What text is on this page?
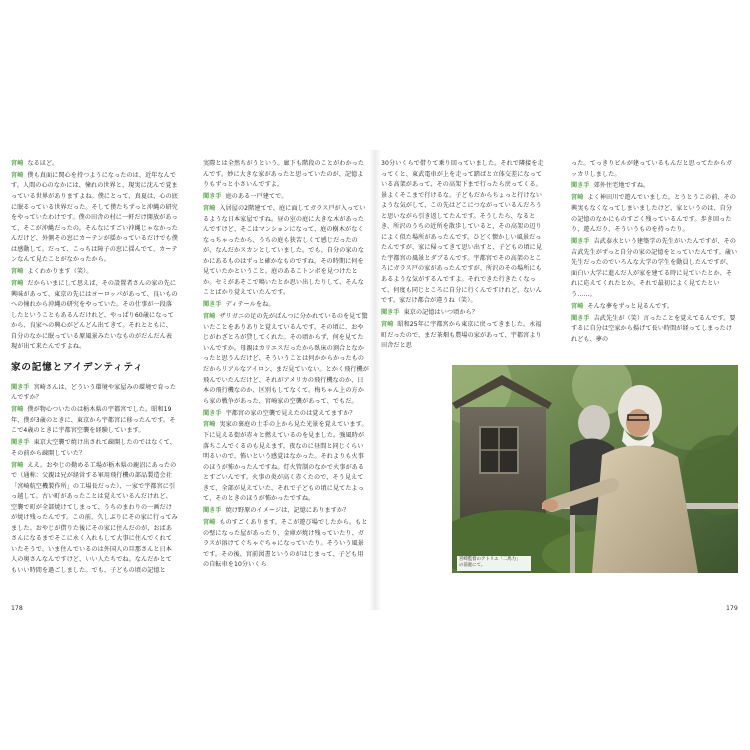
宮崎 なるほど。

宮崎 僕も真面に関心を持つようになったのは、近年なんです。人間の心のなかには、憧れの世界と、現実に沈んで覚まっている世界がありますよね。僕にとって、真夏は、心の底に眠るっている世界だった。そして僕たちずっと沖縄の研究をやっていたわけです。僕の田舎の村に一軒だけ開放があって、そこが沖縄だったの。そんなにすごい沖縄じゃなかったんだけど、外側その窓にカーテンが揺かっているだけでも僕は感動して。だって、こっちは障子の窓に揺んでて、カーテンなんて見たことがなかったから。

宮崎 よくわかります（笑）。

宮崎 だからいまにして思えば、その設置者さんの家の先に興味があって、東京の先にはヨーロッパがあって、良いものへの憧れから沖縄の研究をやっていた。その仕事が一段落したということもあるんだけれど、やっぱり60歳になってから、良家への興心がどんどん出てきて。それとともに、自分のなかに眠っている原風景みたいなものがだんだん表現が出て来たんですよね。

家の記憶とアイデンティティ

聞き手 宮崎さんは、どういう環境や家屋みの環境で育ったんですか？

宮崎 僕が物心ついたのは栃木県の宇都宮でした。昭和19年、僕が3歳のときに、東京から宇都宮に移ったんです。そこで4歳のときに宇都宮空襲を経験しています。

聞き手 東京大空襲で焼け出されて疎開したのではなくて、その前から疎開していた？

宮崎 ええ。おやじの勤める工場が栃木県の鹿沼にあったので（通称：父親は兄が経営する軍用飛行機の部品製造会社「宮崎航空機製作所」の工場長だった）、一家で宇都宮に引っ越して。古い町があったことは覚えているんだけれど、空襲で町が全部焼けてしまって、うちのまわりの一画だけが焼け残ったんです。この前、久しぶりにその家に行ってみました。おやじが借りた後にその家に住んだのが、おばあさんになるまでそこに永く入れもして大事に住んでくれていたそうで、いま住んでいるのは外国人の旦那さんと日本人の奥さんなんですけど、いい人たちでね。なんだかとてもいい時間を過ごしました。でも、子どもの頃の記憶と

実際とは全然ちがうという。廊下も階段のことがわかったんです。妙に大きな家があったと思っていたのが、記憶よりもずっと小さいんですよ。

聞き手 庭のある一戸建てで。

宮崎 入居屋の2階建てで、庭に面してガラス戸が入っているような日本家屋ですね。昼の室の庭に大きな木があったんですけど、そこはマンションになって、庭の樹木がなくなっちゃったから、うちの庭も狭苦しくて感じだったのが、なんだかスカンとしていました。でも、自分の家のなかにあるものはずっと確かなものですね。その時期に何を見ていたかということ。庭のあるこトンボを見つけたとか。セミがあそこで鳴いたとか思い出したりして、そんなことばかり覚えていたんです。

聞き手 ディテールをね。

宮崎 ザリガニの足の先がぱんつに分かれているのを見て驚いたことをありありと覚えているんです。その頃に、おやじがわざとろが貸してくれた。その頃からず、何を見てたいんですか。母親はカリエスだったから臥床の割合となかったと思うんだけど、そういうことは何かからかったものだからリアルなアイロン、まだ見ていない。とかく飛行機が飛んでいたんだけど、それがアメリカの飛行機なのか、日本の飛行機なのか、区別もしてなくて。梅ちゃん上の方から家の戦争があった、宮崎家の空襲があって、でもだ。

聞き手 宇都宮の家の空襲で見えたのは覚えてますか？

宮崎 実家の裏庭の土手の上から見た光景を覚えています。下に見える街が赤々と燃えているのを見ました。強風時が落ちこんでくるのも見えます。夜なのに昼間と同じくらい明るいので、怖いという感覚はなかった。それよりも火事のほうが怖かったんですね。灯火管制のなかで火事があるとすごいんです。火事の炎が高く赤くたので、そう見えてきて、全部が見えていた、それで子どもの頃に見てたよって、そのときのほうが怖かったですね。

聞き手 焼け野原のイメージは、記憶にありますか？

宮崎 ものすごくあります。そこが遊び場でしたから。もとの壁になった屋があったり、金庫が焼け残っていたり、ガラスが溶けてぐちゃぐちゃになっていたり。そういう風景です。その後、宮前図書というのがはじまって、子ども用の自転車を10分いくら

30分いくらで借りて乗り回っていました。それで隣接を走ってくと、東武電車が上を走って踏ばと立体交差になっている高架があって、その高架下まで行ったら戻ってくる。景よくそこまで行けるな。子どもだからちょっと行けないような気がして、この先はどこにつながっているんだろうと思いながら引き返してたんです。そうしたら、なるとき、所沢のうちの近所を散歩していると、その高架の辺りによく似た場所があったんです。ひどく懐かしい風景だったんですが、家に帰ってきて思い出すと、子どもの頃に見た宇都宮の風景とダブるんです。宇都宮でその高架のところにガラス戸の家があったんですが、所沢のその場所にもあるような気がするんですよ。それできた行きたくなって、何度も同じところに自分に行くんですけれど、ないんです。家だけ都合が違うね（笑）。

聞き手 東京の記憶はいつ頃から？

宮崎 昭和25年に宇都宮から東京に戻ってきました。永福町だったので、まだ茶畑も農場の家があって、宇都宮より田舎だと思

った。てっきりビルが建っているもんだと思ってたからガッカリしました。

聞き手 郊外住宅地ですね。

宮崎 よく神田川で遊んでいました。とうとうこの前、その興実もなくなってしまいましたけど、家というのは、自分の記憶のなかにものすごく残っているんです。歩き回ったり、遊んだり、そういうものを持ったり。

聞き手 吉武泰水という建築学の先生がいたんですが、その吉武先生がずっと自分の家の記憶をとっていたんです。歳い先生だったのでいろんな大学の学生を動員したんですが、面白い大学に進んだ人が家を建てる時に見ていたとか、それに応えてくれたとか、それで最初によく見てたという……。

宮崎 そんな夢をずっと見るんです。

聞き手 吉武先生が（笑）言ったことを覚えてるんです。要するに自分は空家から揚げて長い時間が経ってしまったけれども、夢の

宮崎監督のアトリエ「二馬力」
の前庭にて。
178	179
